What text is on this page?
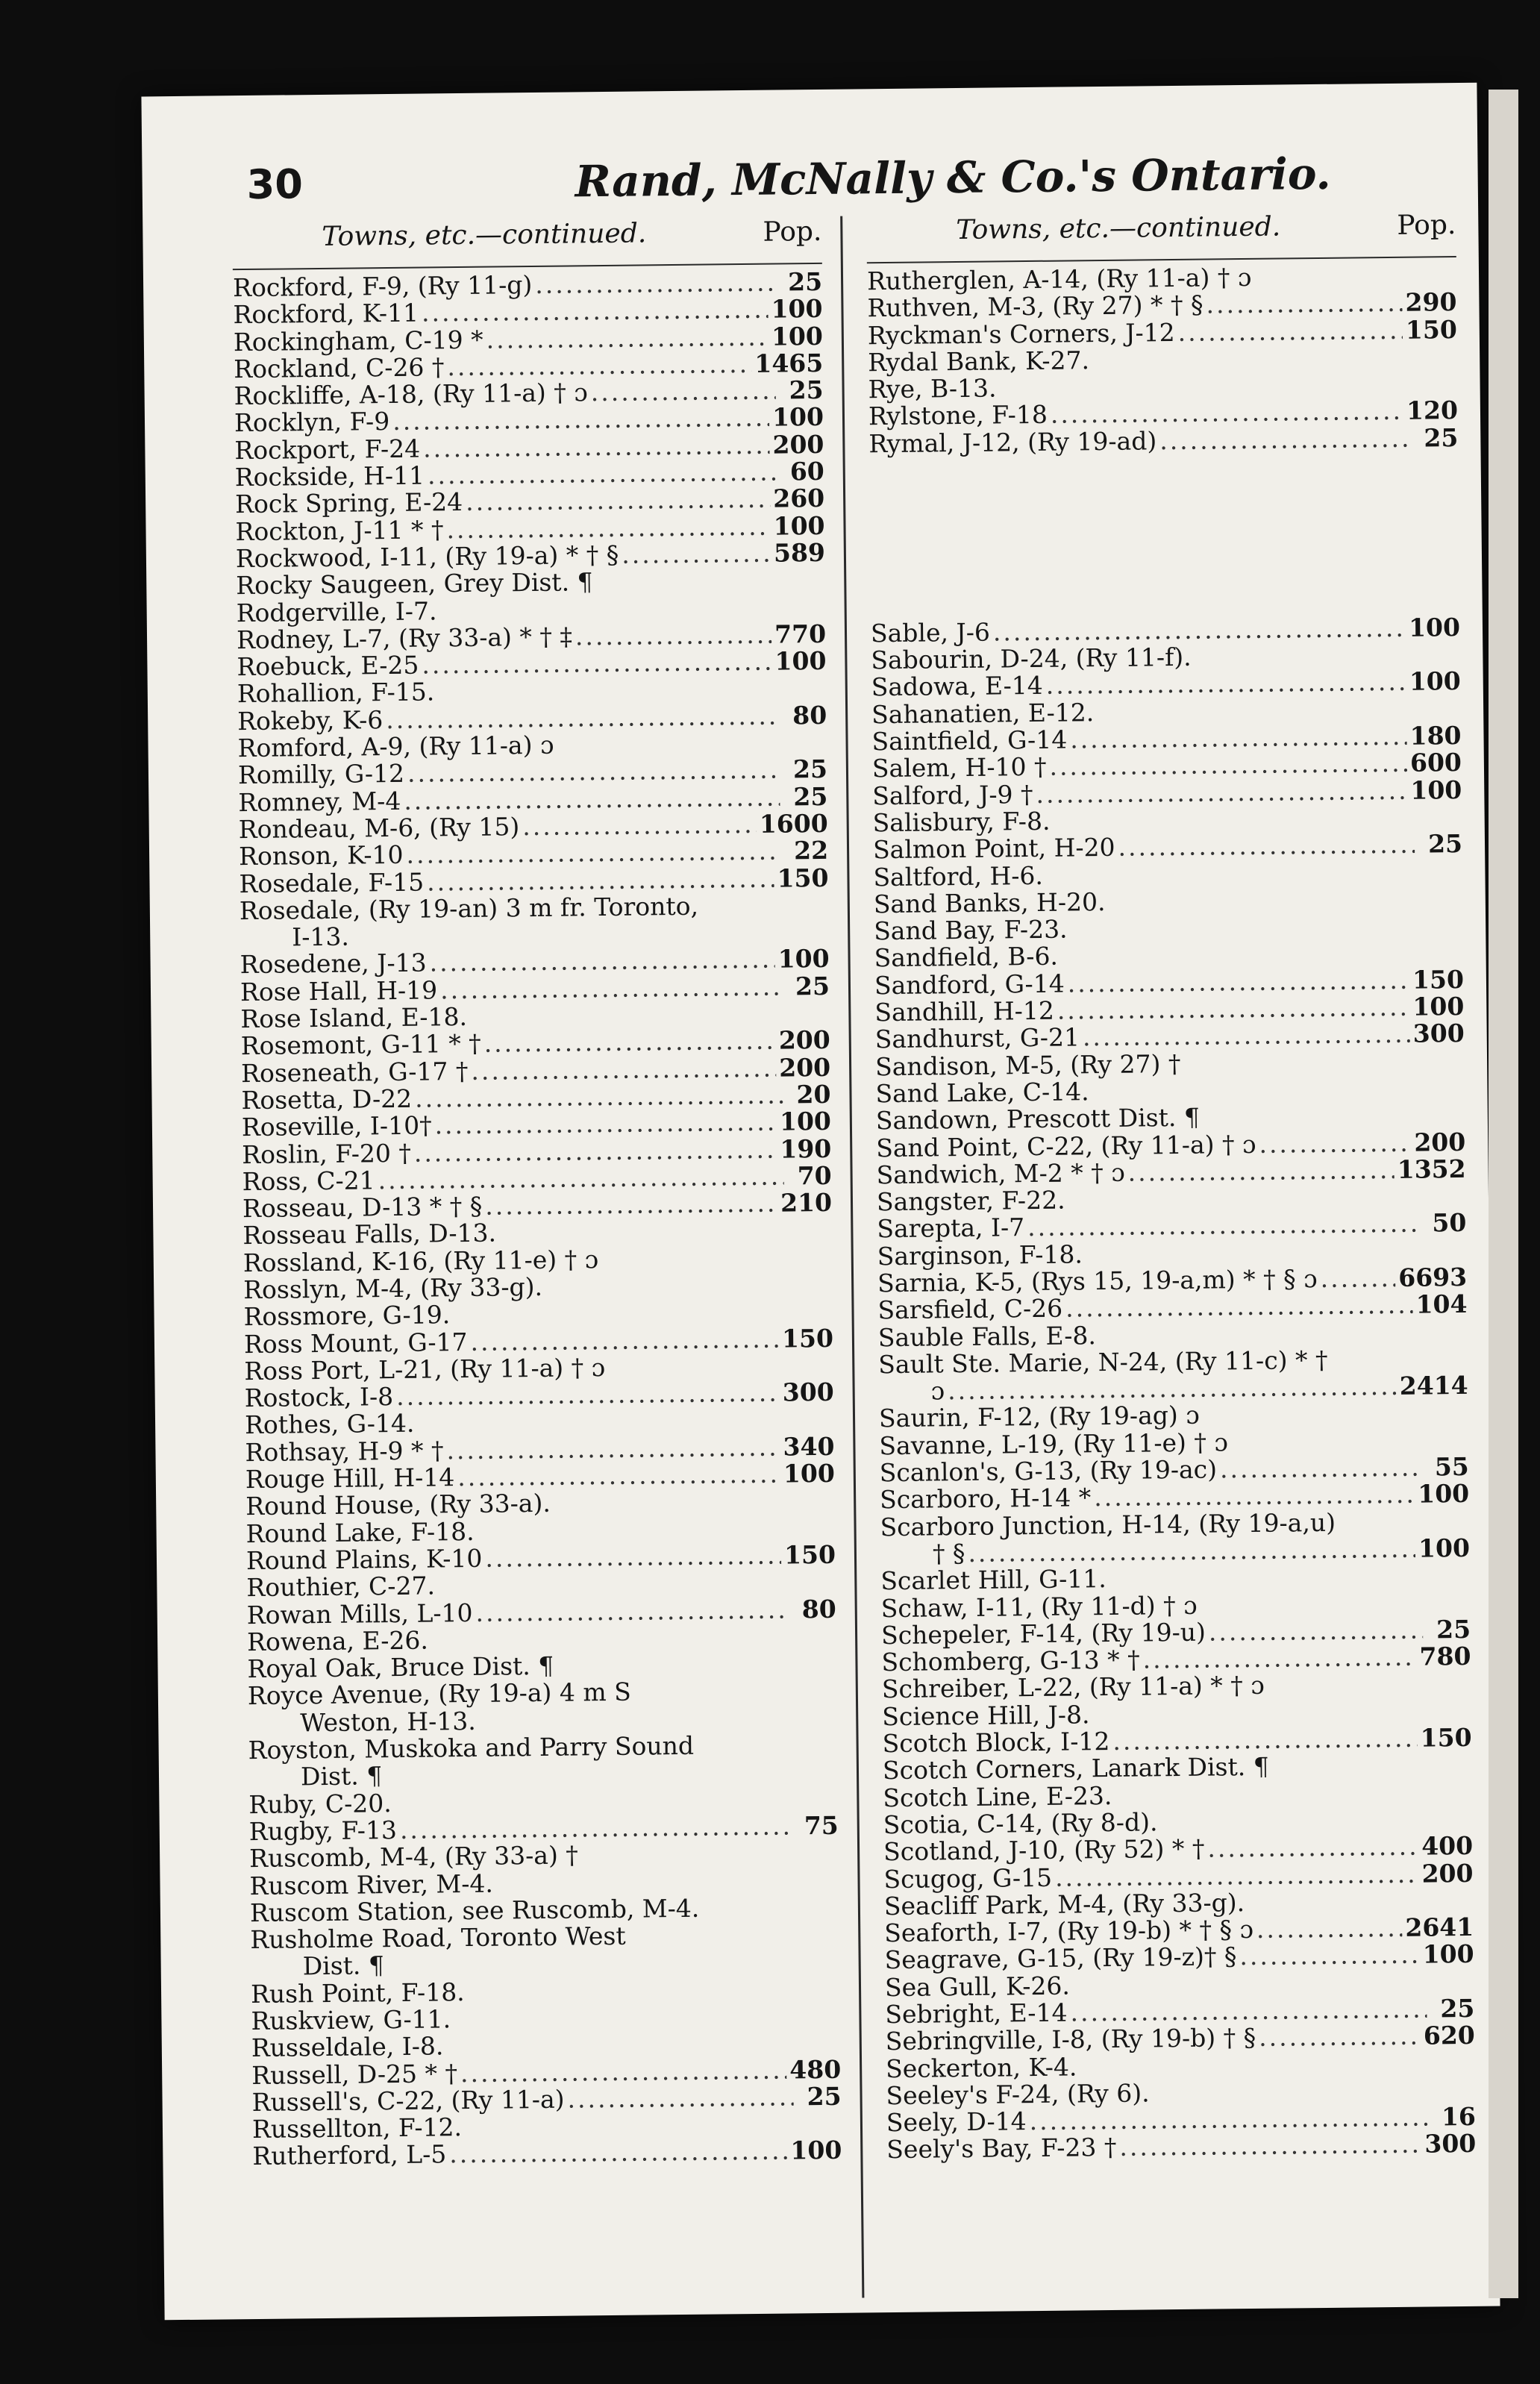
30	Rand, McNally & Co.'s Ontario.
Towns, etc.—continued.	Pop.
Rockford, F-9, (Ry 11-g) .....	25
Rockford, K-11 .....	100
Rockingham, C-19 * .....	100
Rockland, C-26 † .....	1465
Rockliffe, A-18, (Ry 11-a) † ɔ .....	25
Rocklyn, F-9 .....	100
Rockport, F-24 .....	200
Rockside, H-11 .....	60
Rock Spring, E-24 .....	260
Rockton, J-11 * † .....	100
Rockwood, I-11, (Ry 19-a) * † § .....	589
Rocky Saugeen, Grey Dist. ¶
Rodgerville, I-7.
Rodney, L-7, (Ry 33-a) * † ‡ .....	770
Roebuck, E-25 .....	100
Rohallion, F-15.
Rokeby, K-6 .....	80
Romford, A-9, (Ry 11-a) ɔ
Romilly, G-12 .....	25
Romney, M-4 .....	25
Rondeau, M-6, (Ry 15) .....	1600
Ronson, K-10 .....	22
Rosedale, F-15 .....	150
Rosedale, (Ry 19-an) 3 m fr. Toronto,
I-13.
Rosedene, J-13 .....	100
Rose Hall, H-19 .....	25
Rose Island, E-18.
Rosemont, G-11 * † .....	200
Roseneath, G-17 † .....	200
Rosetta, D-22 .....	20
Roseville, I-10† .....	100
Roslin, F-20 † .....	190
Ross, C-21 .....	70
Rosseau, D-13 * † § .....	210
Rosseau Falls, D-13.
Rossland, K-16, (Ry 11-e) † ɔ
Rosslyn, M-4, (Ry 33-g).
Rossmore, G-19.
Ross Mount, G-17 .....	150
Ross Port, L-21, (Ry 11-a) † ɔ
Rostock, I-8 .....	300
Rothes, G-14.
Rothsay, H-9 * † .....	340
Rouge Hill, H-14 .....	100
Round House, (Ry 33-a).
Round Lake, F-18.
Round Plains, K-10 .....	150
Routhier, C-27.
Rowan Mills, L-10 .....	80
Rowena, E-26.
Royal Oak, Bruce Dist. ¶
Royce Avenue, (Ry 19-a) 4 m S
Weston, H-13.
Royston, Muskoka and Parry Sound
Dist. ¶
Ruby, C-20.
Rugby, F-13 .....	75
Ruscomb, M-4, (Ry 33-a) †
Ruscom River, M-4.
Ruscom Station, see Ruscomb, M-4.
Rusholme Road, Toronto West
Dist. ¶
Rush Point, F-18.
Ruskview, G-11.
Russeldale, I-8.
Russell, D-25 * † .....	480
Russell's, C-22, (Ry 11-a) .....	25
Russellton, F-12.
Rutherford, L-5 .....	100
Towns, etc.—continued.	Pop.
Rutherglen, A-14, (Ry 11-a) † ɔ
Ruthven, M-3, (Ry 27) * † § .....	290
Ryckman's Corners, J-12 .....	150
Rydal Bank, K-27.
Rye, B-13.
Rylstone, F-18 .....	120
Rymal, J-12, (Ry 19-ad) .....	25
Sable, J-6 .....	100
Sabourin, D-24, (Ry 11-f).
Sadowa, E-14 .....	100
Sahanatien, E-12.
Saintfield, G-14 .....	180
Salem, H-10 † .....	600
Salford, J-9 † .....	100
Salisbury, F-8.
Salmon Point, H-20 .....	25
Saltford, H-6.
Sand Banks, H-20.
Sand Bay, F-23.
Sandfield, B-6.
Sandford, G-14 .....	150
Sandhill, H-12 .....	100
Sandhurst, G-21 .....	300
Sandison, M-5, (Ry 27) †
Sand Lake, C-14.
Sandown, Prescott Dist. ¶
Sand Point, C-22, (Ry 11-a) † ɔ .....	200
Sandwich, M-2 * † ɔ .....	1352
Sangster, F-22.
Sarepta, I-7 .....	50
Sarginson, F-18.
Sarnia, K-5, (Rys 15, 19-a,m) * † § ɔ .....	6693
Sarsfield, C-26 .....	104
Sauble Falls, E-8.
Sault Ste. Marie, N-24, (Ry 11-c) * †
ɔ .....	2414
Saurin, F-12, (Ry 19-ag) ɔ
Savanne, L-19, (Ry 11-e) † ɔ
Scanlon's, G-13, (Ry 19-ac) .....	55
Scarboro, H-14 * .....	100
Scarboro Junction, H-14, (Ry 19-a,u)
† § .....	100
Scarlet Hill, G-11.
Schaw, I-11, (Ry 11-d) † ɔ
Schepeler, F-14, (Ry 19-u) .....	25
Schomberg, G-13 * † .....	780
Schreiber, L-22, (Ry 11-a) * † ɔ
Science Hill, J-8.
Scotch Block, I-12 .....	150
Scotch Corners, Lanark Dist. ¶
Scotch Line, E-23.
Scotia, C-14, (Ry 8-d).
Scotland, J-10, (Ry 52) * † .....	400
Scugog, G-15 .....	200
Seacliff Park, M-4, (Ry 33-g).
Seaforth, I-7, (Ry 19-b) * † § ɔ .....	2641
Seagrave, G-15, (Ry 19-z)† § .....	100
Sea Gull, K-26.
Sebright, E-14 .....	25
Sebringville, I-8, (Ry 19-b) † § .....	620
Seckerton, K-4.
Seeley's F-24, (Ry 6).
Seely, D-14 .....	16
Seely's Bay, F-23 † .....	300
